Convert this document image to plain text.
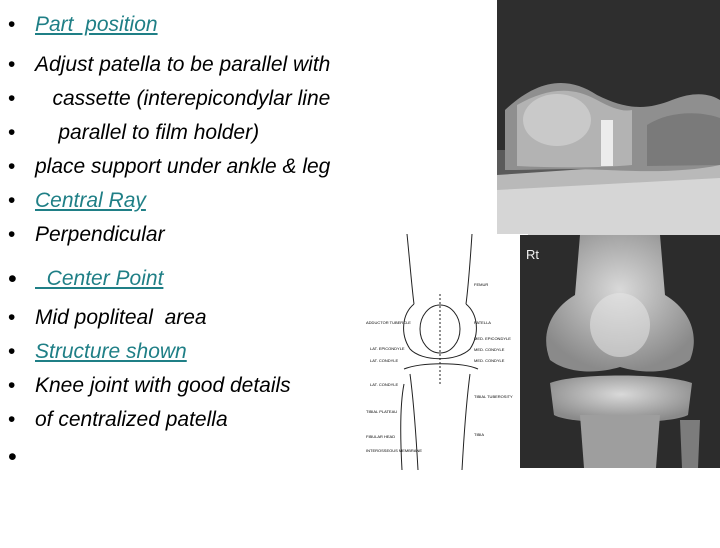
•

Part  position

•

Adjust patella to be parallel with

•

cassette (interepicondylar line

•

parallel to film holder)

•

place support under ankle & leg

•

Central Ray

•

Perpendicular

•

Center Point

•

Mid popliteal  area

•

Structure shown

•

Knee joint with good details

•

of centralized patella

•

ADDUCTOR TUBERCLE
LAT. EPICONDYLE
LAT. CONDYLE
LAT. CONDYLE
TIBIAL PLATEAU
FIBULAR HEAD
INTEROSSEOUS MEMBRANE
FEMUR
PATELLA
MED. EPICONDYLE
MED. CONDYLE
MED. CONDYLE
TIBIAL TUBEROSITY
TIBIA
Rt
